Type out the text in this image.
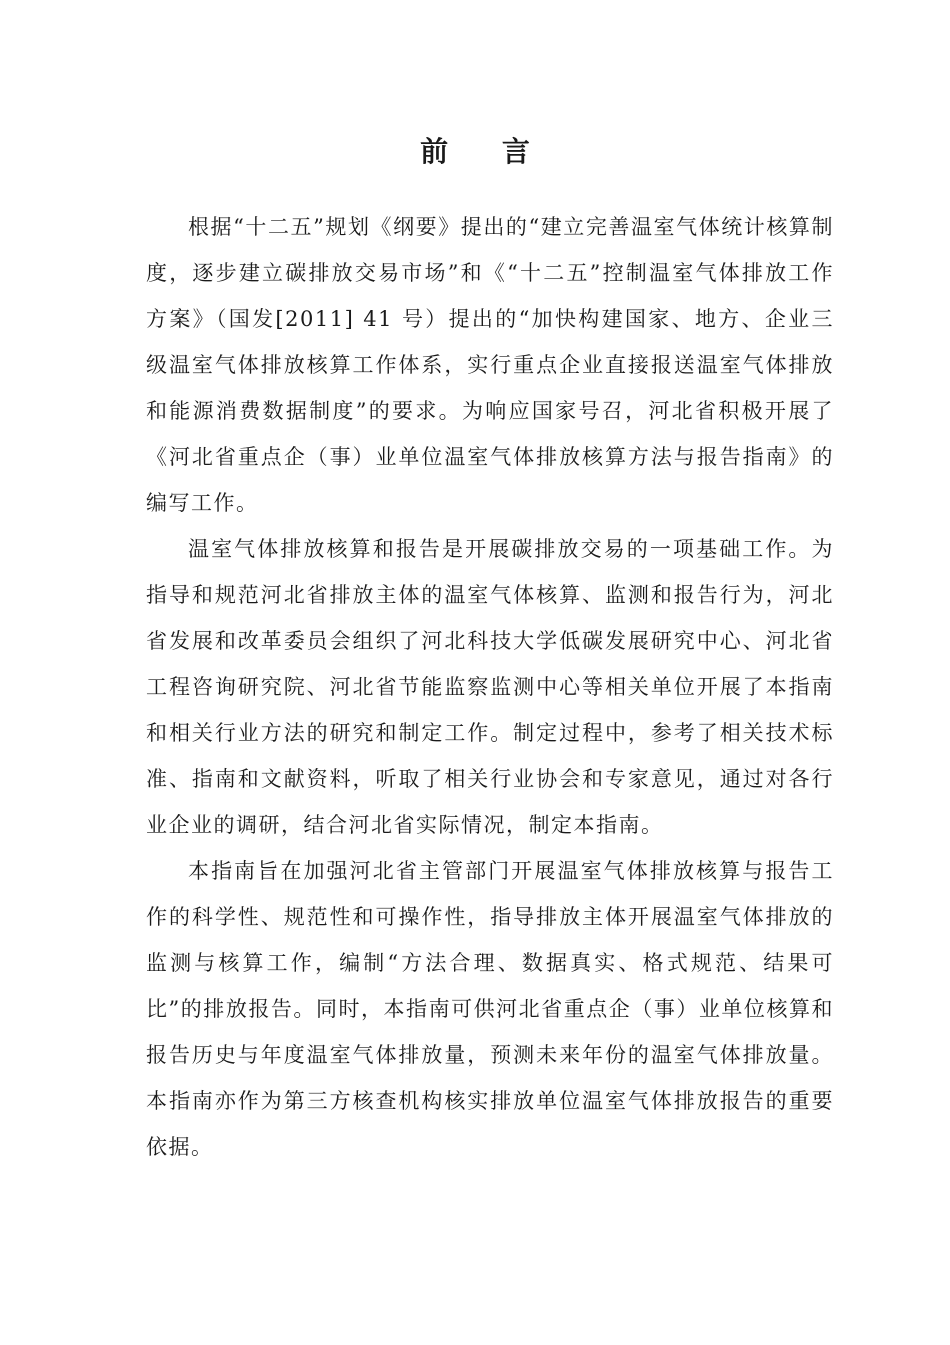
前 言

根据“十二五”规划《纲要》提出的“建立完善温室气体统计核算制度，逐步建立碳排放交易市场”和《“十二五”控制温室气体排放工作方案》（国发[2011] 41 号）提出的“加快构建国家、地方、企业三级温室气体排放核算工作体系，实行重点企业直接报送温室气体排放和能源消费数据制度”的要求。为响应国家号召，河北省积极开展了《河北省重点企（事）业单位温室气体排放核算方法与报告指南》的编写工作。

温室气体排放核算和报告是开展碳排放交易的一项基础工作。为指导和规范河北省排放主体的温室气体核算、监测和报告行为，河北省发展和改革委员会组织了河北科技大学低碳发展研究中心、河北省工程咨询研究院、河北省节能监察监测中心等相关单位开展了本指南和相关行业方法的研究和制定工作。制定过程中，参考了相关技术标准、指南和文献资料，听取了相关行业协会和专家意见，通过对各行业企业的调研，结合河北省实际情况，制定本指南。

本指南旨在加强河北省主管部门开展温室气体排放核算与报告工作的科学性、规范性和可操作性，指导排放主体开展温室气体排放的监测与核算工作，编制“方法合理、数据真实、格式规范、结果可比”的排放报告。同时，本指南可供河北省重点企（事）业单位核算和报告历史与年度温室气体排放量，预测未来年份的温室气体排放量。本指南亦作为第三方核查机构核实排放单位温室气体排放报告的重要依据。
